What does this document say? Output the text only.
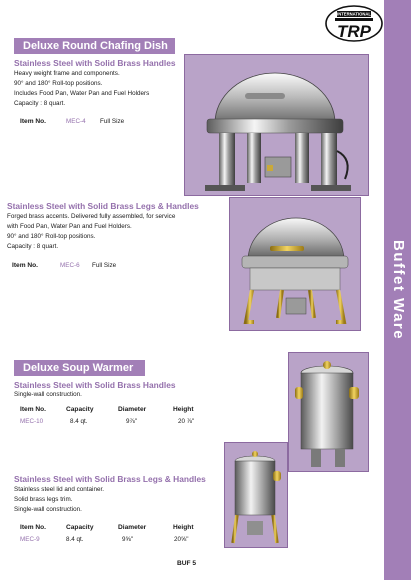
Buffet Ware
INTERNATIONAL
TRP
Deluxe Round Chafing Dish
Stainless Steel with Solid Brass Handles
Heavy weight frame and components.
90° and 180° Roll-top positions.
Includes Food Pan, Water Pan and Fuel Holders
Capacity : 8 quart.
Item No.	MEC-4 Full Size
Stainless Steel with Solid Brass Legs & Handles
Forged brass accents. Delivered fully assembled, for service
with Food Pan, Water Pan and Fuel Holders.
90° and 180° Roll-top positions.
Capacity : 8 quart.
Item No.	MEC-6 Full Size
Deluxe Soup Warmer
Stainless Steel with Solid Brass Handles
Single-wall construction.
Item No.	Capacity	Diameter	Height
MEC-10	8.4 qt.	9⅞"	20 ⅞"
Stainless Steel with Solid Brass Legs & Handles
Stainless steel lid and container.
Solid brass legs trim.
Single-wall construction.
Item No.	Capacity	Diameter	Height
MEC-9	8.4 qt.	9⅝"	20⅝"
BUF 5
